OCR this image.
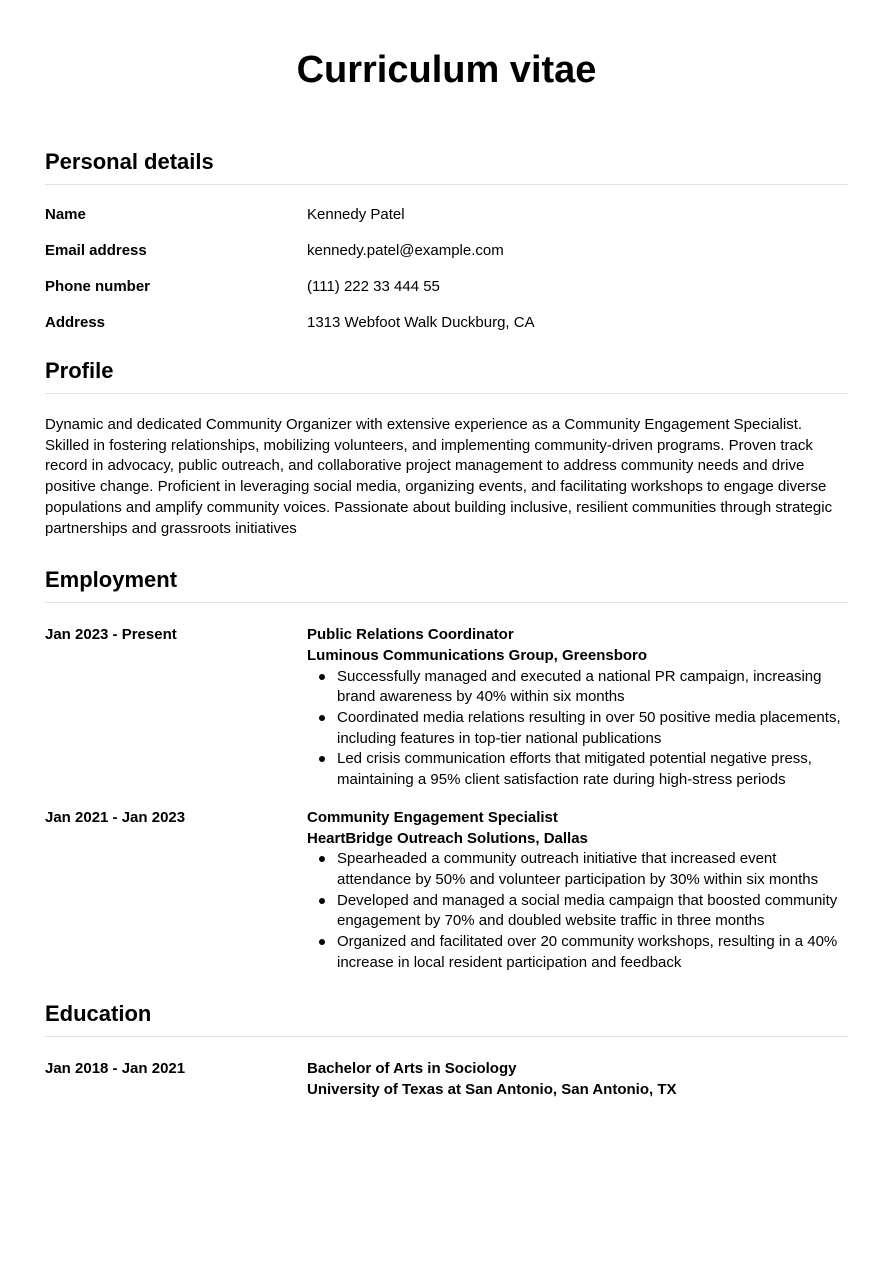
Curriculum vitae
Personal details
Name	Kennedy Patel
Email address	kennedy.patel@example.com
Phone number	(111) 222 33 444 55
Address	1313 Webfoot Walk Duckburg, CA
Profile

Dynamic and dedicated Community Organizer with extensive experience as a Community Engagement Specialist. Skilled in fostering relationships, mobilizing volunteers, and implementing community-driven programs. Proven track record in advocacy, public outreach, and collaborative project management to address community needs and drive positive change. Proficient in leveraging social media, organizing events, and facilitating workshops to engage diverse populations and amplify community voices. Passionate about building inclusive, resilient communities through strategic partnerships and grassroots initiatives

Employment
Jan 2023 - Present	Public Relations Coordinator
Luminous Communications Group, Greensboro
Successfully managed and executed a national PR campaign, increasing brand awareness by 40% within six months
Coordinated media relations resulting in over 50 positive media placements, including features in top-tier national publications
Led crisis communication efforts that mitigated potential negative press, maintaining a 95% client satisfaction rate during high-stress periods
Jan 2021 - Jan 2023	Community Engagement Specialist
HeartBridge Outreach Solutions, Dallas
Spearheaded a community outreach initiative that increased event attendance by 50% and volunteer participation by 30% within six months
Developed and managed a social media campaign that boosted community engagement by 70% and doubled website traffic in three months
Organized and facilitated over 20 community workshops, resulting in a 40% increase in local resident participation and feedback
Education
Jan 2018 - Jan 2021	Bachelor of Arts in Sociology
University of Texas at San Antonio, San Antonio, TX
